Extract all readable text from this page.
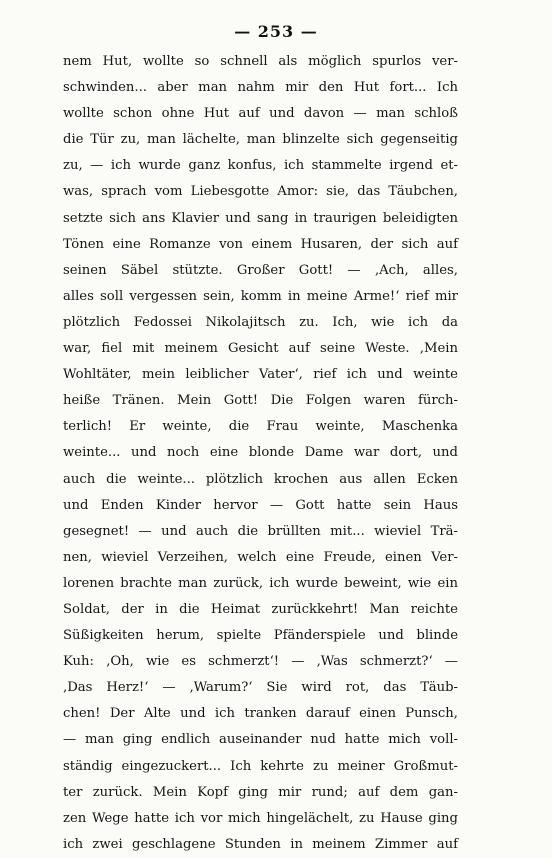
— 253 —
nem Hut, wollte so schnell als möglich spurlos ver-
schwinden... aber man nahm mir den Hut fort... Ich
wollte schon ohne Hut auf und davon — man schloß
die Tür zu, man lächelte, man blinzelte sich gegenseitig
zu, — ich wurde ganz konfus, ich stammelte irgend et-
was, sprach vom Liebesgotte Amor: sie, das Täubchen,
setzte sich ans Klavier und sang in traurigen beleidigten
Tönen eine Romanze von einem Husaren, der sich auf
seinen Säbel stützte. Großer Gott! — ‚Ach, alles,
alles soll vergessen sein, komm in meine Arme!‘ rief mir
plötzlich Fedossei Nikolajitsch zu. Ich, wie ich da
war, fiel mit meinem Gesicht auf seine Weste. ‚Mein
Wohltäter, mein leiblicher Vater‘, rief ich und weinte
heiße Tränen. Mein Gott! Die Folgen waren fürch-
terlich! Er weinte, die Frau weinte, Maschenka
weinte... und noch eine blonde Dame war dort, und
auch die weinte... plötzlich krochen aus allen Ecken
und Enden Kinder hervor — Gott hatte sein Haus
gesegnet! — und auch die brüllten mit... wieviel Trä-
nen, wieviel Verzeihen, welch eine Freude, einen Ver-
lorenen brachte man zurück, ich wurde beweint, wie ein
Soldat, der in die Heimat zurückkehrt! Man reichte
Süßigkeiten herum, spielte Pfänderspiele und blinde
Kuh: ‚Oh, wie es schmerzt‘! — ‚Was schmerzt?‘ —
‚Das Herz!‘ — ‚Warum?‘ Sie wird rot, das Täub-
chen! Der Alte und ich tranken darauf einen Punsch,
— man ging endlich auseinander nud hatte mich voll-
ständig eingezuckert... Ich kehrte zu meiner Großmut-
ter zurück. Mein Kopf ging mir rund; auf dem gan-
zen Wege hatte ich vor mich hingelächelt, zu Hause ging
ich zwei geschlagene Stunden in meinem Zimmer auf
